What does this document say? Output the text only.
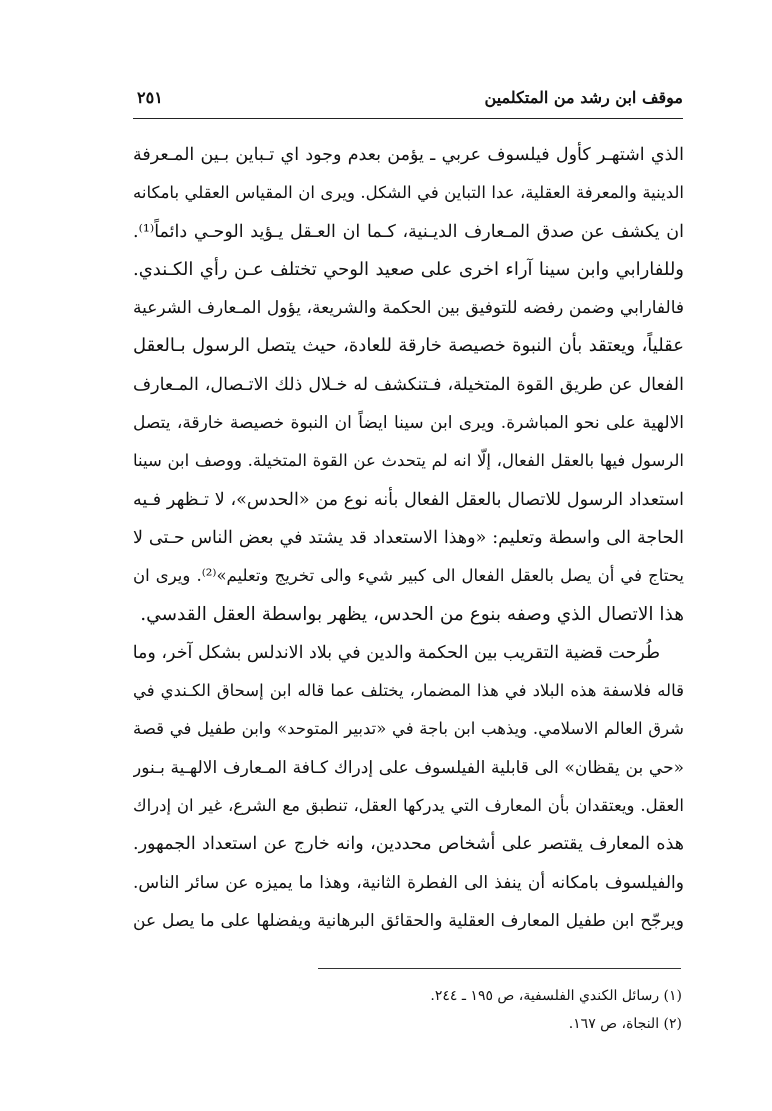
موقف ابن رشد من المتكلمين
٢٥١
الذي اشتهـر كأول فيلسوف عربي ـ يؤمن بعدم وجود اي تـباين بـين المـعرفة
الدينية والمعرفة العقلية، عدا التباين في الشكل. ويرى ان المقياس العقلي بامكانه
ان يكشف عن صدق المـعارف الديـنية، كـما ان العـقل يـؤيد الوحـي دائماً⁽¹⁾.
وللفارابي وابن سينا آراء اخرى على صعيد الوحي تختلف عـن رأي الكـندي.
فالفارابي وضمن رفضه للتوفيق بين الحكمة والشريعة، يؤول المـعارف الشرعية
عقلياً، ويعتقد بأن النبوة خصيصة خارقة للعادة، حيث يتصل الرسول بـالعقل
الفعال عن طريق القوة المتخيلة، فـتنكشف له خـلال ذلك الاتـصال، المـعارف
الالهية على نحو المباشرة. ويرى ابن سينا ايضاً ان النبوة خصيصة خارقة، يتصل
الرسول فيها بالعقل الفعال، إلّا انه لم يتحدث عن القوة المتخيلة. ووصف ابن سينا
استعداد الرسول للاتصال بالعقل الفعال بأنه نوع من «الحدس»، لا تـظهر فـيه
الحاجة الى واسطة وتعليم: «وهذا الاستعداد قد يشتد في بعض الناس حـتى لا
يحتاج في أن يصل بالعقل الفعال الى كبير شيء والى تخريج وتعليم»⁽²⁾. ويرى ان
هذا الاتصال الذي وصفه بنوع من الحدس، يظهر بواسطة العقل القدسي.
طُرحت قضية التقريب بين الحكمة والدين في بلاد الاندلس بشكل آخر، وما
قاله فلاسفة هذه البلاد في هذا المضمار، يختلف عما قاله ابن إسحاق الكـندي في
شرق العالم الاسلامي. ويذهب ابن باجة في «تدبير المتوحد» وابن طفيل في قصة
«حي بن يقظان» الى قابلية الفيلسوف على إدراك كـافة المـعارف الالهـية بـنور
العقل. ويعتقدان بأن المعارف التي يدركها العقل، تنطبق مع الشرع، غير ان إدراك
هذه المعارف يقتصر على أشخاص محددين، وانه خارج عن استعداد الجمهور.
والفيلسوف بامكانه أن ينفذ الى الفطرة الثانية، وهذا ما يميزه عن سائر الناس.
ويرجّح ابن طفيل المعارف العقلية والحقائق البرهانية ويفضلها على ما يصل عن
(١) رسائل الكندي الفلسفية، ص ١٩٥ ـ ٢٤٤.
(٢) النجاة، ص ١٦٧.
